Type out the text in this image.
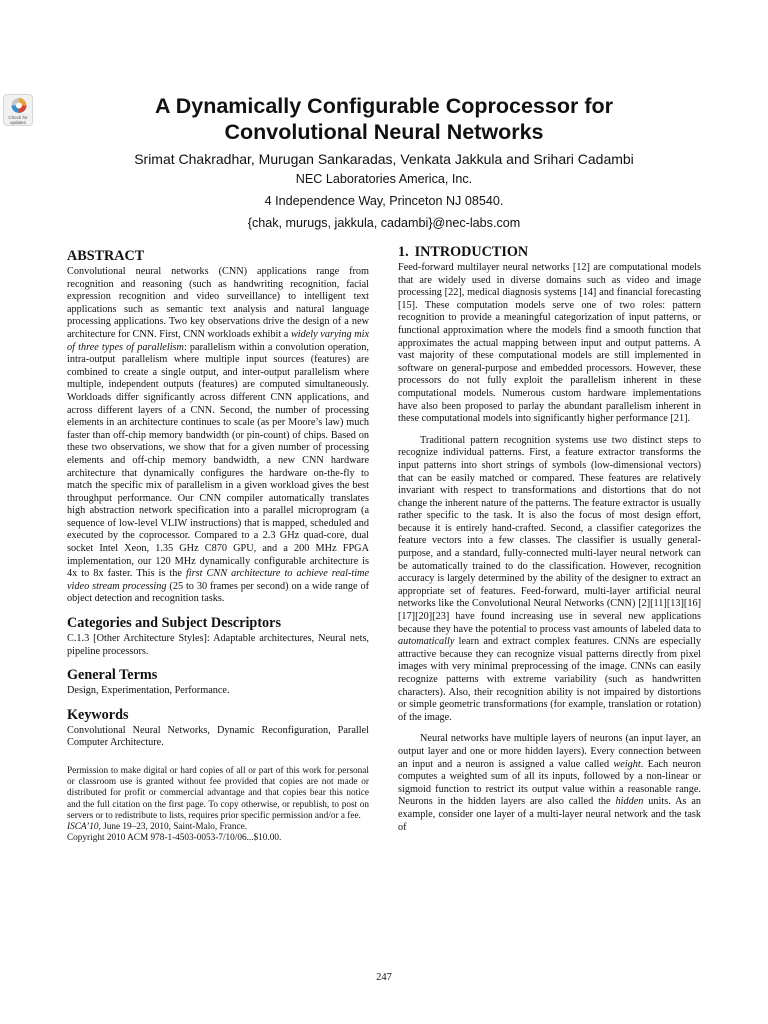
Check for updates
A Dynamically Configurable Coprocessor for
Convolutional Neural Networks
Srimat Chakradhar, Murugan Sankaradas, Venkata Jakkula and Srihari Cadambi
NEC Laboratories America, Inc.
4 Independence Way, Princeton NJ 08540.
{chak, murugs, jakkula, cadambi}@nec-labs.com
ABSTRACT

Convolutional neural networks (CNN) applications range from recognition and reasoning (such as handwriting recognition, facial expression recognition and video surveillance) to intelligent text applications such as semantic text analysis and natural language processing applications. Two key observations drive the design of a new architecture for CNN. First, CNN workloads exhibit a widely varying mix of three types of parallelism: parallelism within a convolution operation, intra-output parallelism where multiple input sources (features) are combined to create a single output, and inter-output parallelism where multiple, independent outputs (features) are computed simultaneously. Workloads differ significantly across different CNN applications, and across different layers of a CNN. Second, the number of processing elements in an architecture continues to scale (as per Moore’s law) much faster than off-chip memory bandwidth (or pin-count) of chips. Based on these two observations, we show that for a given number of processing elements and off-chip memory bandwidth, a new CNN hardware architecture that dynamically configures the hardware on-the-fly to match the specific mix of parallelism in a given workload gives the best throughput performance. Our CNN compiler automatically translates high abstraction network specification into a parallel microprogram (a sequence of low-level VLIW instructions) that is mapped, scheduled and executed by the coprocessor. Compared to a 2.3 GHz quad-core, dual socket Intel Xeon, 1.35 GHz C870 GPU, and a 200 MHz FPGA implementation, our 120 MHz dynamically configurable architecture is 4x to 8x faster. This is the first CNN architecture to achieve real-time video stream processing (25 to 30 frames per second) on a wide range of object detection and recognition tasks.

Categories and Subject Descriptors

C.1.3 [Other Architecture Styles]: Adaptable architectures, Neural nets, pipeline processors.

General Terms

Design, Experimentation, Performance.

Keywords

Convolutional Neural Networks, Dynamic Reconfiguration, Parallel Computer Architecture.

Permission to make digital or hard copies of all or part of this work for personal or classroom use is granted without fee provided that copies are not made or distributed for profit or commercial advantage and that copies bear this notice and the full citation on the first page. To copy otherwise, or republish, to post on servers or to redistribute to lists, requires prior specific permission and/or a fee.

ISCA’10, June 19–23, 2010, Saint-Malo, France.

Copyright 2010 ACM 978-1-4503-0053-7/10/06...$10.00.

1. INTRODUCTION

Feed-forward multilayer neural networks [12] are computational models that are widely used in diverse domains such as video and image processing [22], medical diagnosis systems [14] and financial forecasting [15]. These computation models serve one of two roles: pattern recognition to provide a meaningful categorization of input patterns, or functional approximation where the models find a smooth function that approximates the actual mapping between input and output patterns. A vast majority of these computational models are still implemented in software on general-purpose and embedded processors. However, these processors do not fully exploit the parallelism inherent in these computational models. Numerous custom hardware implementations have also been proposed to parlay the abundant parallelism inherent in these computational models into significantly higher performance [21].

Traditional pattern recognition systems use two distinct steps to recognize individual patterns. First, a feature extractor transforms the input patterns into short strings of symbols (low-dimensional vectors) that can be easily matched or compared. These features are relatively invariant with respect to transformations and distortions that do not change the inherent nature of the patterns. The feature extractor is usually rather specific to the task. It is also the focus of most design effort, because it is entirely hand-crafted. Second, a classifier categorizes the feature vectors into a few classes. The classifier is usually general-purpose, and a standard, fully-connected multi-layer neural network can be automatically trained to do the classification. However, recognition accuracy is largely determined by the ability of the designer to extract an appropriate set of features. Feed-forward, multi-layer artificial neural networks like the Convolutional Neural Networks (CNN) [2][11][13][16][17][20][23] have found increasing use in several new applications because they have the potential to process vast amounts of labeled data to automatically learn and extract complex features. CNNs are especially attractive because they can recognize visual patterns directly from pixel images with very minimal preprocessing of the image. CNNs can easily recognize patterns with extreme variability (such as handwritten characters). Also, their recognition ability is not impaired by distortions or simple geometric transformations (for example, translation or rotation) of the image.

Neural networks have multiple layers of neurons (an input layer, an output layer and one or more hidden layers). Every connection between an input and a neuron is assigned a value called weight. Each neuron computes a weighted sum of all its inputs, followed by a non-linear or sigmoid function to restrict its output value within a reasonable range. Neurons in the hidden layers are also called the hidden units. As an example, consider one layer of a multi-layer neural network and the task of

247
